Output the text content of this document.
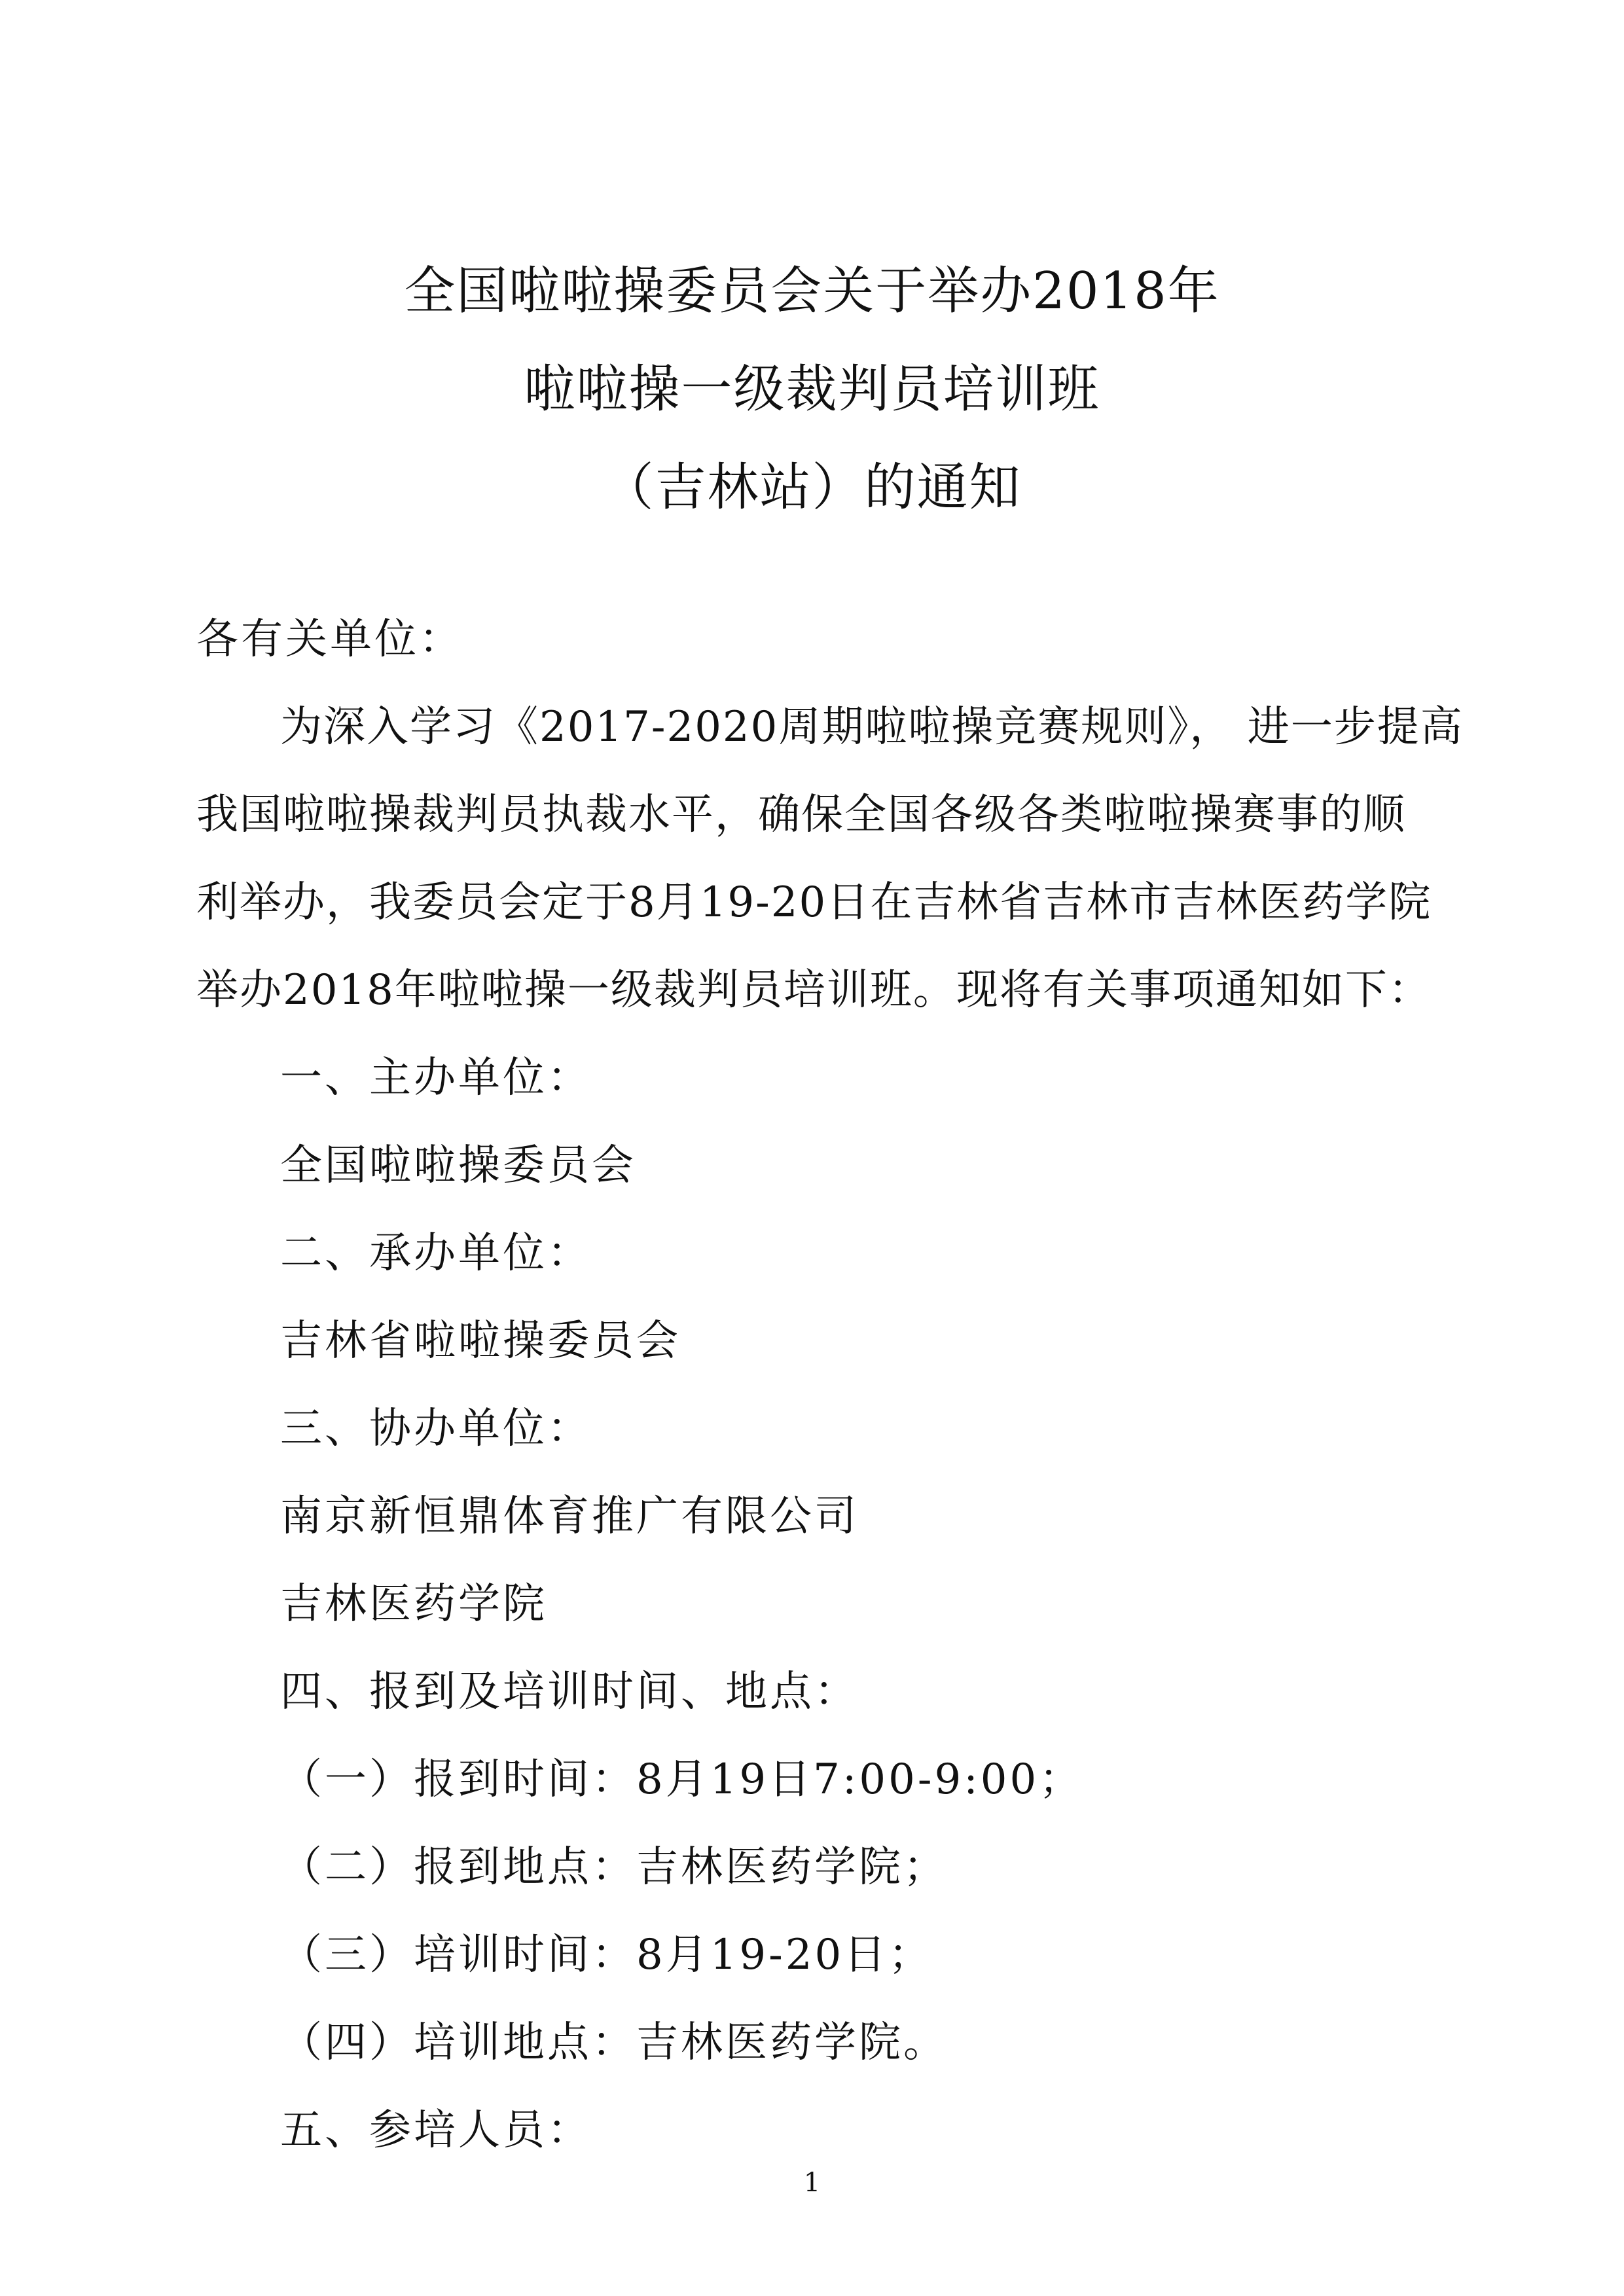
全国啦啦操委员会关于举办2018年
啦啦操一级裁判员培训班
（吉林站）的通知
各有关单位：
为深入学习《2017-2020周期啦啦操竞赛规则》， 进一步提高
我国啦啦操裁判员执裁水平，确保全国各级各类啦啦操赛事的顺
利举办，我委员会定于8月19-20日在吉林省吉林市吉林医药学院
举办2018年啦啦操一级裁判员培训班。现将有关事项通知如下：
一、主办单位：
全国啦啦操委员会
二、承办单位：
吉林省啦啦操委员会
三、协办单位：
南京新恒鼎体育推广有限公司
吉林医药学院
四、报到及培训时间、地点：
（一）报到时间：8月19日7:00-9:00；
（二）报到地点：吉林医药学院；
（三）培训时间：8月19-20日；
（四）培训地点：吉林医药学院。
五、参培人员：
1
